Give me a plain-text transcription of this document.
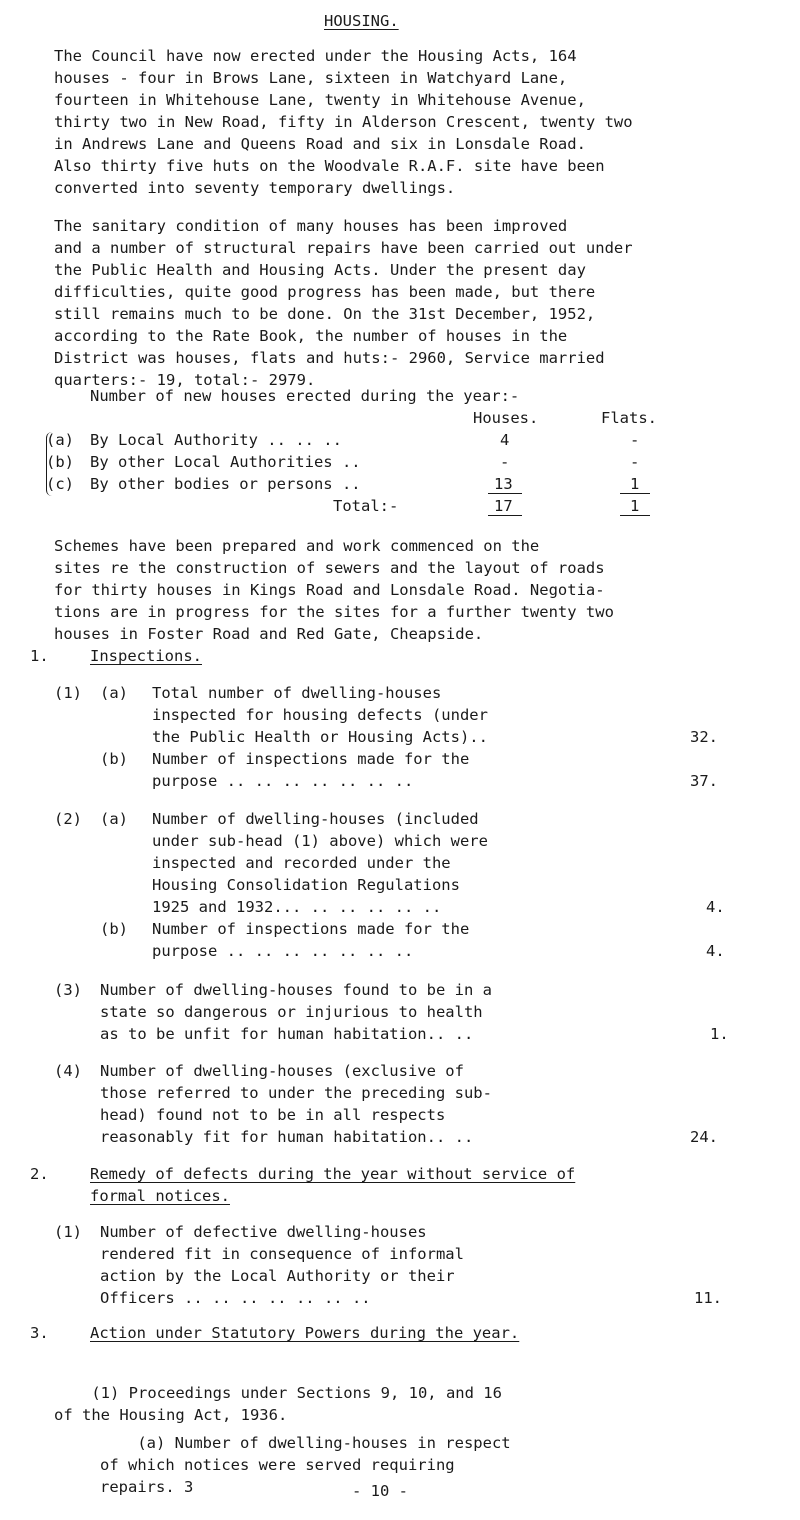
HOUSING.
The Council have now erected under the Housing Acts, 164
houses - four in Brows Lane, sixteen in Watchyard Lane,
fourteen in Whitehouse Lane, twenty in Whitehouse Avenue,
thirty two in New Road, fifty in Alderson Crescent, twenty two
in Andrews Lane and Queens Road and six in Lonsdale Road.
Also thirty five huts on the Woodvale R.A.F. site have been
converted into seventy temporary dwellings.
The sanitary condition of many houses has been improved
and a number of structural repairs have been carried out under
the Public Health and Housing Acts. Under the present day
difficulties, quite good progress has been made, but there
still remains much to be done. On the 31st December, 1952,
according to the Rate Book, the number of houses in the
District was houses, flats and huts:- 2960, Service married
quarters:- 19, total:- 2979.
Number of new houses erected during the year:-
Houses.	Flats.
(a) By Local Authority .. .. ..	4	-
(b) By other Local Authorities ..	-	-
(c) By other bodies or persons ..	13	1
Total:-	17	1
Schemes have been prepared and work commenced on the
sites re the construction of sewers and the layout of roads
for thirty houses in Kings Road and Lonsdale Road. Negotia-
tions are in progress for the sites for a further twenty two
houses in Foster Road and Red Gate, Cheapside.
1.	Inspections.
(1) (a) Total number of dwelling-houses
inspected for housing defects (under
the Public Health or Housing Acts)..	32.
(b) Number of inspections made for the
purpose .. .. .. .. .. .. ..	37.
(2) (a) Number of dwelling-houses (included
under sub-head (1) above) which were
inspected and recorded under the
Housing Consolidation Regulations
1925 and 1932... .. .. .. .. ..	4.
(b) Number of inspections made for the
purpose .. .. .. .. .. .. ..	4.
(3) Number of dwelling-houses found to be in a
state so dangerous or injurious to health
as to be unfit for human habitation.. ..	1.
(4) Number of dwelling-houses (exclusive of
those referred to under the preceding sub-
head) found not to be in all respects
reasonably fit for human habitation.. ..	24.
2.	Remedy of defects during the year without service of
formal notices.
(1) Number of defective dwelling-houses
rendered fit in consequence of informal
action by the Local Authority or their
Officers .. .. .. .. .. .. ..	11.
3.	Action under Statutory Powers during the year.

(1) Proceedings under Sections 9, 10, and 16
of the Housing Act, 1936.

(a) Number of dwelling-houses in respect
of which notices were served requiring
repairs. 3
	- 10 -
